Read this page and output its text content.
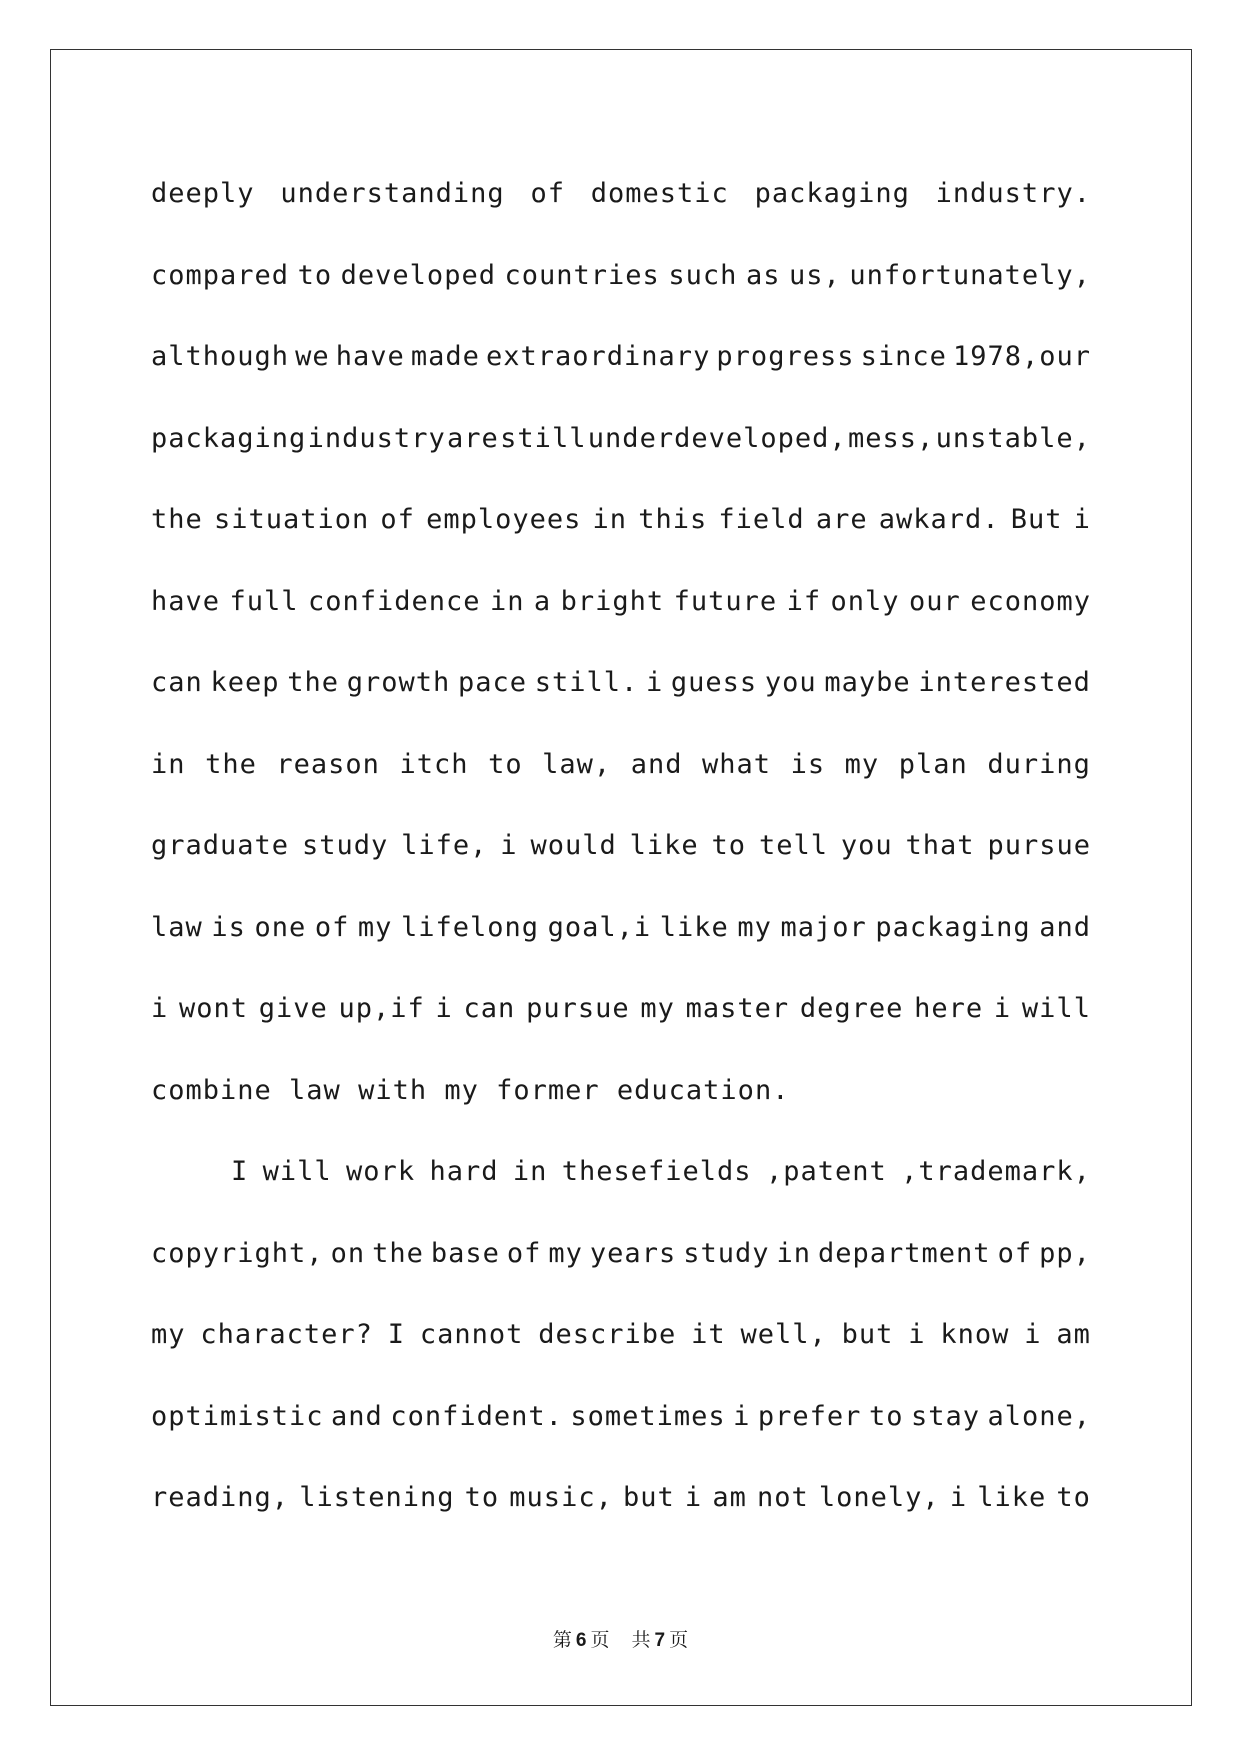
deeply understanding of domestic packaging industry.
compared to developed countries such as us, unfortunately,
although we have made extraordinary progress since 1978,our
packaging industry are still underdeveloped, mess, unstable,
the situation of employees in this field are awkard. But i
have full confidence in a bright future if only our economy
can keep the growth pace still. i guess you maybe interested
in the reason itch to law, and what is my plan during
graduate study life, i would like to tell you that pursue
law is one of my lifelong goal,i like my major packaging and
i wont give up,if i can pursue my master degree here i will
combine law with my former education.
I will work hard in thesefields ,patent ,trademark,
copyright, on the base of my years study in department of pp,
my character? I cannot describe it well, but i know i am
optimistic and confident. sometimes i prefer to stay alone,
reading, listening to music, but i am not lonely, i like to
第 6 页 共 7 页
